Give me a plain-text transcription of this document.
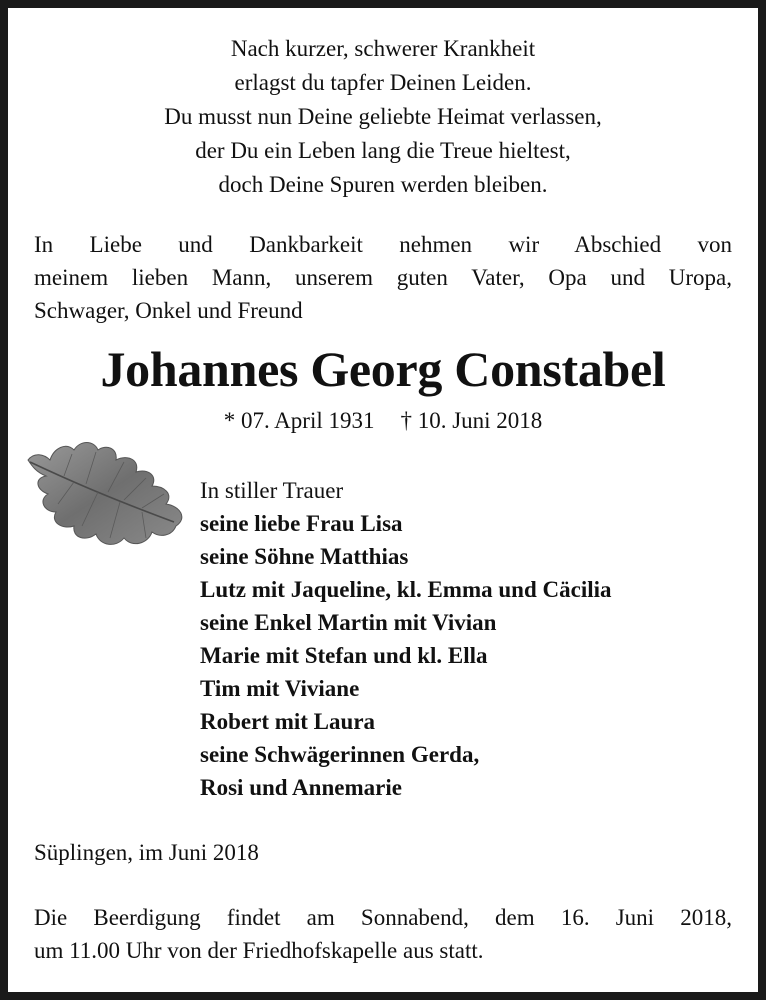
Nach kurzer, schwerer Krankheit
erlagst du tapfer Deinen Leiden.
Du musst nun Deine geliebte Heimat verlassen,
der Du ein Leben lang die Treue hieltest,
doch Deine Spuren werden bleiben.
In Liebe und Dankbarkeit nehmen wir Abschied von
meinem lieben Mann, unserem guten Vater, Opa und Uropa,
Schwager, Onkel und Freund
Johannes Georg Constabel
* 07. April 1931 † 10. Juni 2018
In stiller Trauer
seine liebe Frau Lisa
seine Söhne Matthias
Lutz mit Jaqueline, kl. Emma und Cäcilia
seine Enkel Martin mit Vivian
Marie mit Stefan und kl. Ella
Tim mit Viviane
Robert mit Laura
seine Schwägerinnen Gerda,
Rosi und Annemarie
Süplingen, im Juni 2018
Die Beerdigung findet am Sonnabend, dem 16. Juni 2018,
um 11.00 Uhr von der Friedhofskapelle aus statt.
